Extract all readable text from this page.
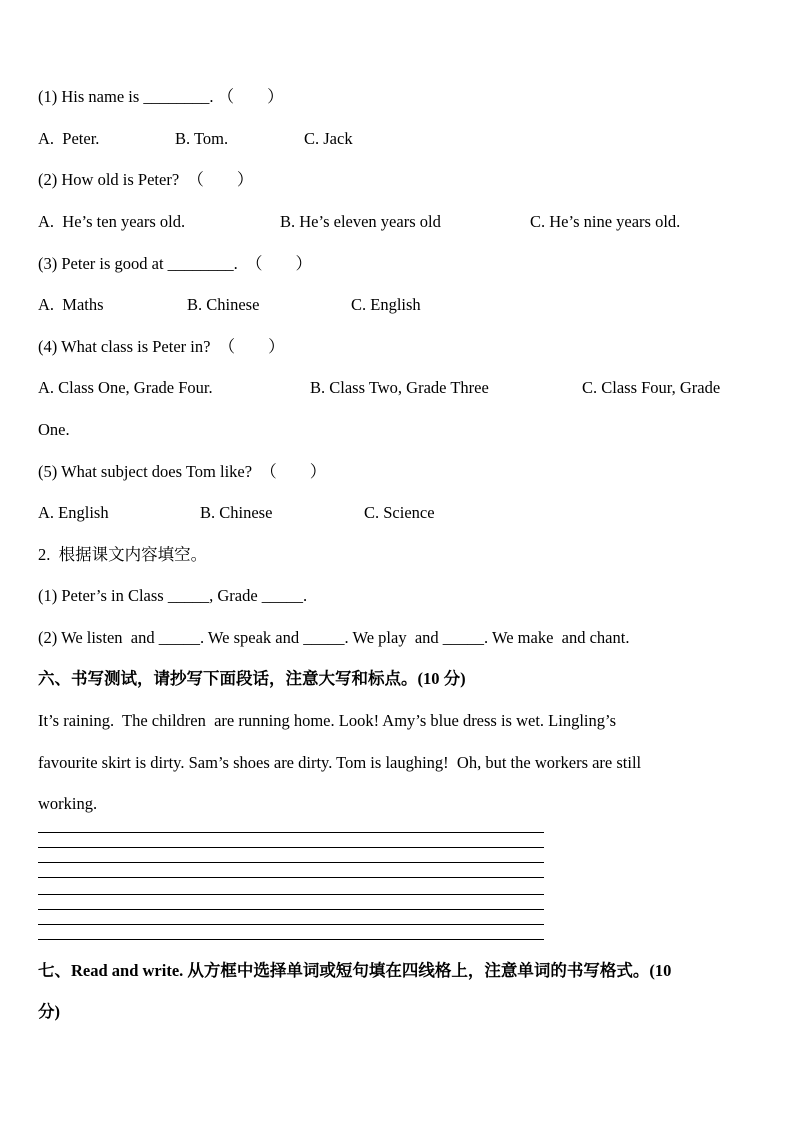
(1) His name is ________. （        ）
A.  Peter.	B. Tom.	C. Jack
(2) How old is Peter?  （        ）
A.  He’s ten years old.	B. He’s eleven years old	C. He’s nine years old.
(3) Peter is good at ________.  （        ）
A.  Maths	B. Chinese	C. English
(4) What class is Peter in?  （        ）
A. Class One, Grade Four.	B. Class Two, Grade Three	C. Class Four, Grade
One.
(5) What subject does Tom like?  （        ）
A. English	B. Chinese	C. Science
2.  根据课文内容填空。
(1) Peter’s in Class _____, Grade _____.
(2) We listen  and _____. We speak and _____. We play  and _____. We make  and chant.
六、书写测试，请抄写下面段话，注意大写和标点。(10 分)
It’s raining.  The children  are running home. Look! Amy’s blue dress is wet. Lingling’s
favourite skirt is dirty. Sam’s shoes are dirty. Tom is laughing!  Oh, but the workers are still
working.
七、Read and write. 从方框中选择单词或短句填在四线格上，注意单词的书写格式。(10
分)
